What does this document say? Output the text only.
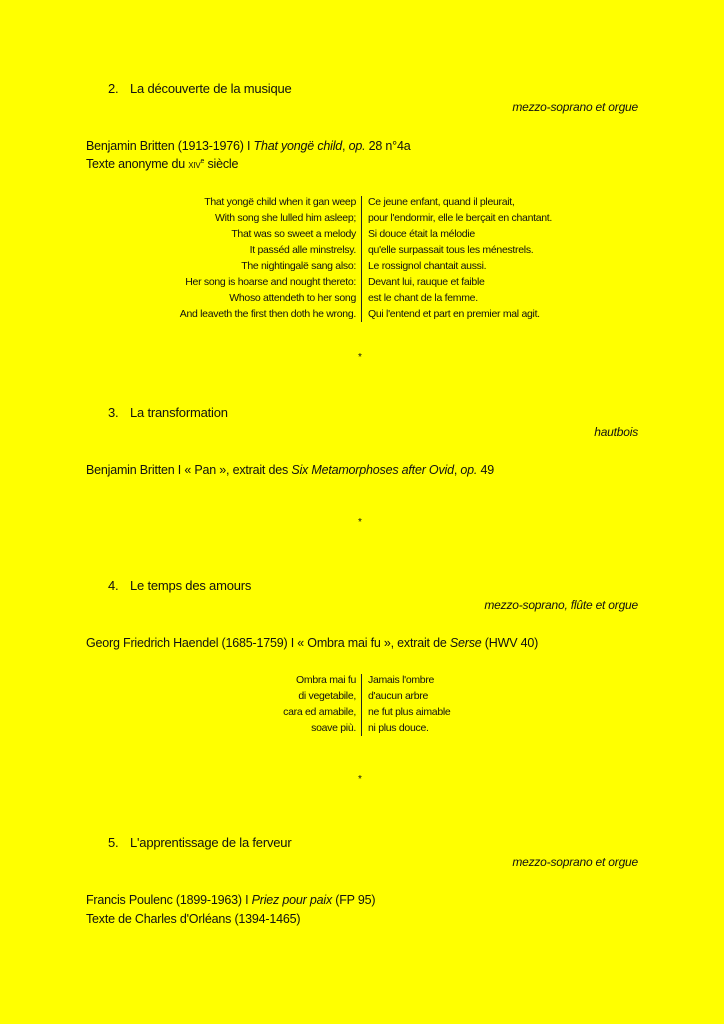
2. La découverte de la musique
mezzo-soprano et orgue
Benjamin Britten (1913-1976) I That yongë child, op. 28 n°4a
Texte anonyme du xiv$^e$ siècle
That yongë child when it gan weep
With song she lulled him asleep;
That was so sweet a melody
It passéd alle minstrelsy.
The nightingalë sang also:
Her song is hoarse and nought thereto:
Whoso attendeth to her song
And leaveth the first then doth he wrong.
Ce jeune enfant, quand il pleurait,
pour l'endormir, elle le berçait en chantant.
Si douce était la mélodie
qu'elle surpassait tous les ménestrels.
Le rossignol chantait aussi.
Devant lui, rauque et faible
est le chant de la femme.
Qui l'entend et part en premier mal agit.
*
3. La transformation
hautbois
Benjamin Britten I « Pan », extrait des Six Metamorphoses after Ovid, op. 49
*
4. Le temps des amours
mezzo-soprano, flûte et orgue
Georg Friedrich Haendel (1685-1759) I « Ombra mai fu », extrait de Serse (HWV 40)
Ombra mai fu
di vegetabile,
cara ed amabile,
soave più.
Jamais l'ombre
d'aucun arbre
ne fut plus aimable
ni plus douce.
*
5. L'apprentissage de la ferveur
mezzo-soprano et orgue
Francis Poulenc (1899-1963) I Priez pour paix (FP 95)
Texte de Charles d'Orléans (1394-1465)
